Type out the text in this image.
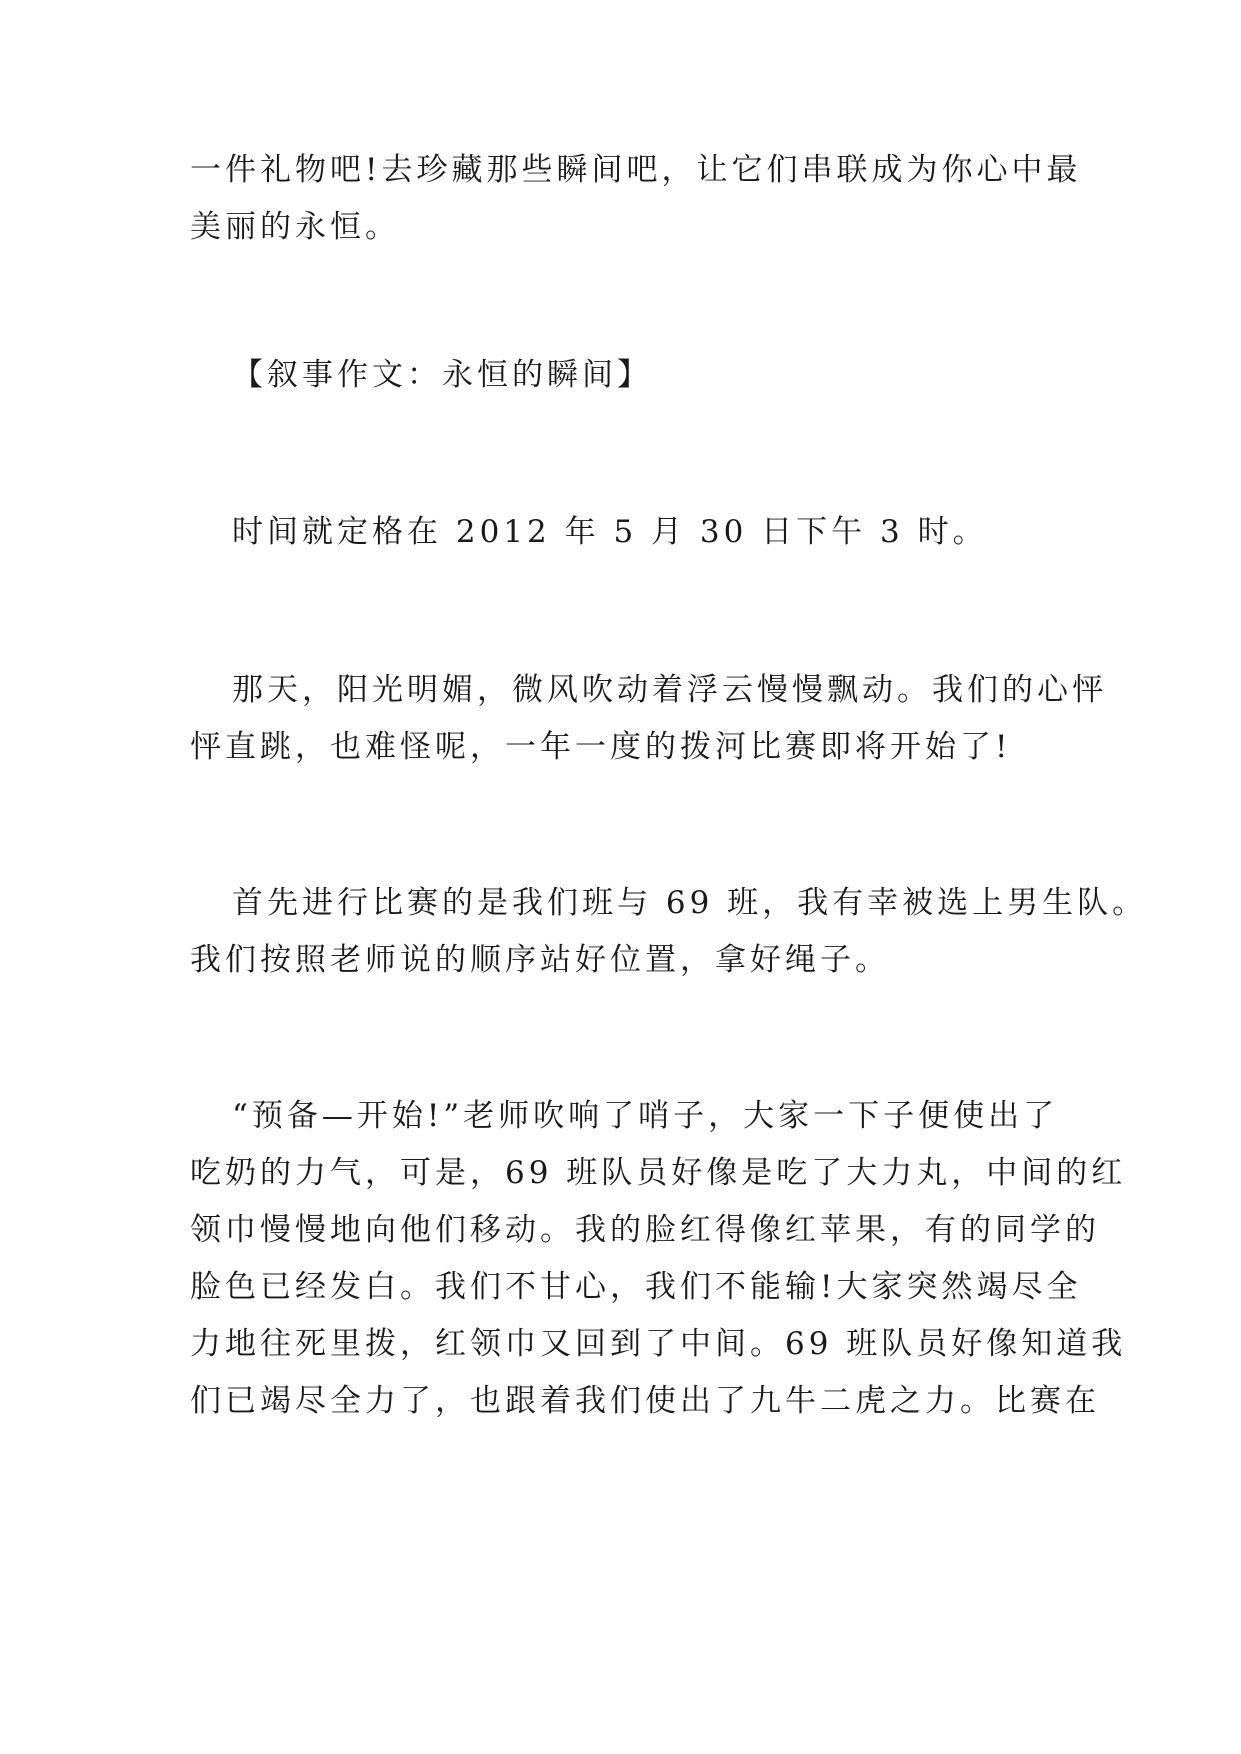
一件礼物吧!去珍藏那些瞬间吧，让它们串联成为你心中最
美丽的永恒。
【叙事作文：永恒的瞬间】
时间就定格在 2012 年 5 月 30 日下午 3 时。
那天，阳光明媚，微风吹动着浮云慢慢飘动。我们的心怦
怦直跳，也难怪呢，一年一度的拨河比赛即将开始了!
首先进行比赛的是我们班与 69 班，我有幸被选上男生队。
我们按照老师说的顺序站好位置，拿好绳子。
“预备—开始!”老师吹响了哨子，大家一下子便使出了
吃奶的力气，可是，69 班队员好像是吃了大力丸，中间的红
领巾慢慢地向他们移动。我的脸红得像红苹果，有的同学的
脸色已经发白。我们不甘心，我们不能输!大家突然竭尽全
力地往死里拨，红领巾又回到了中间。69 班队员好像知道我
们已竭尽全力了，也跟着我们使出了九牛二虎之力。比赛在
